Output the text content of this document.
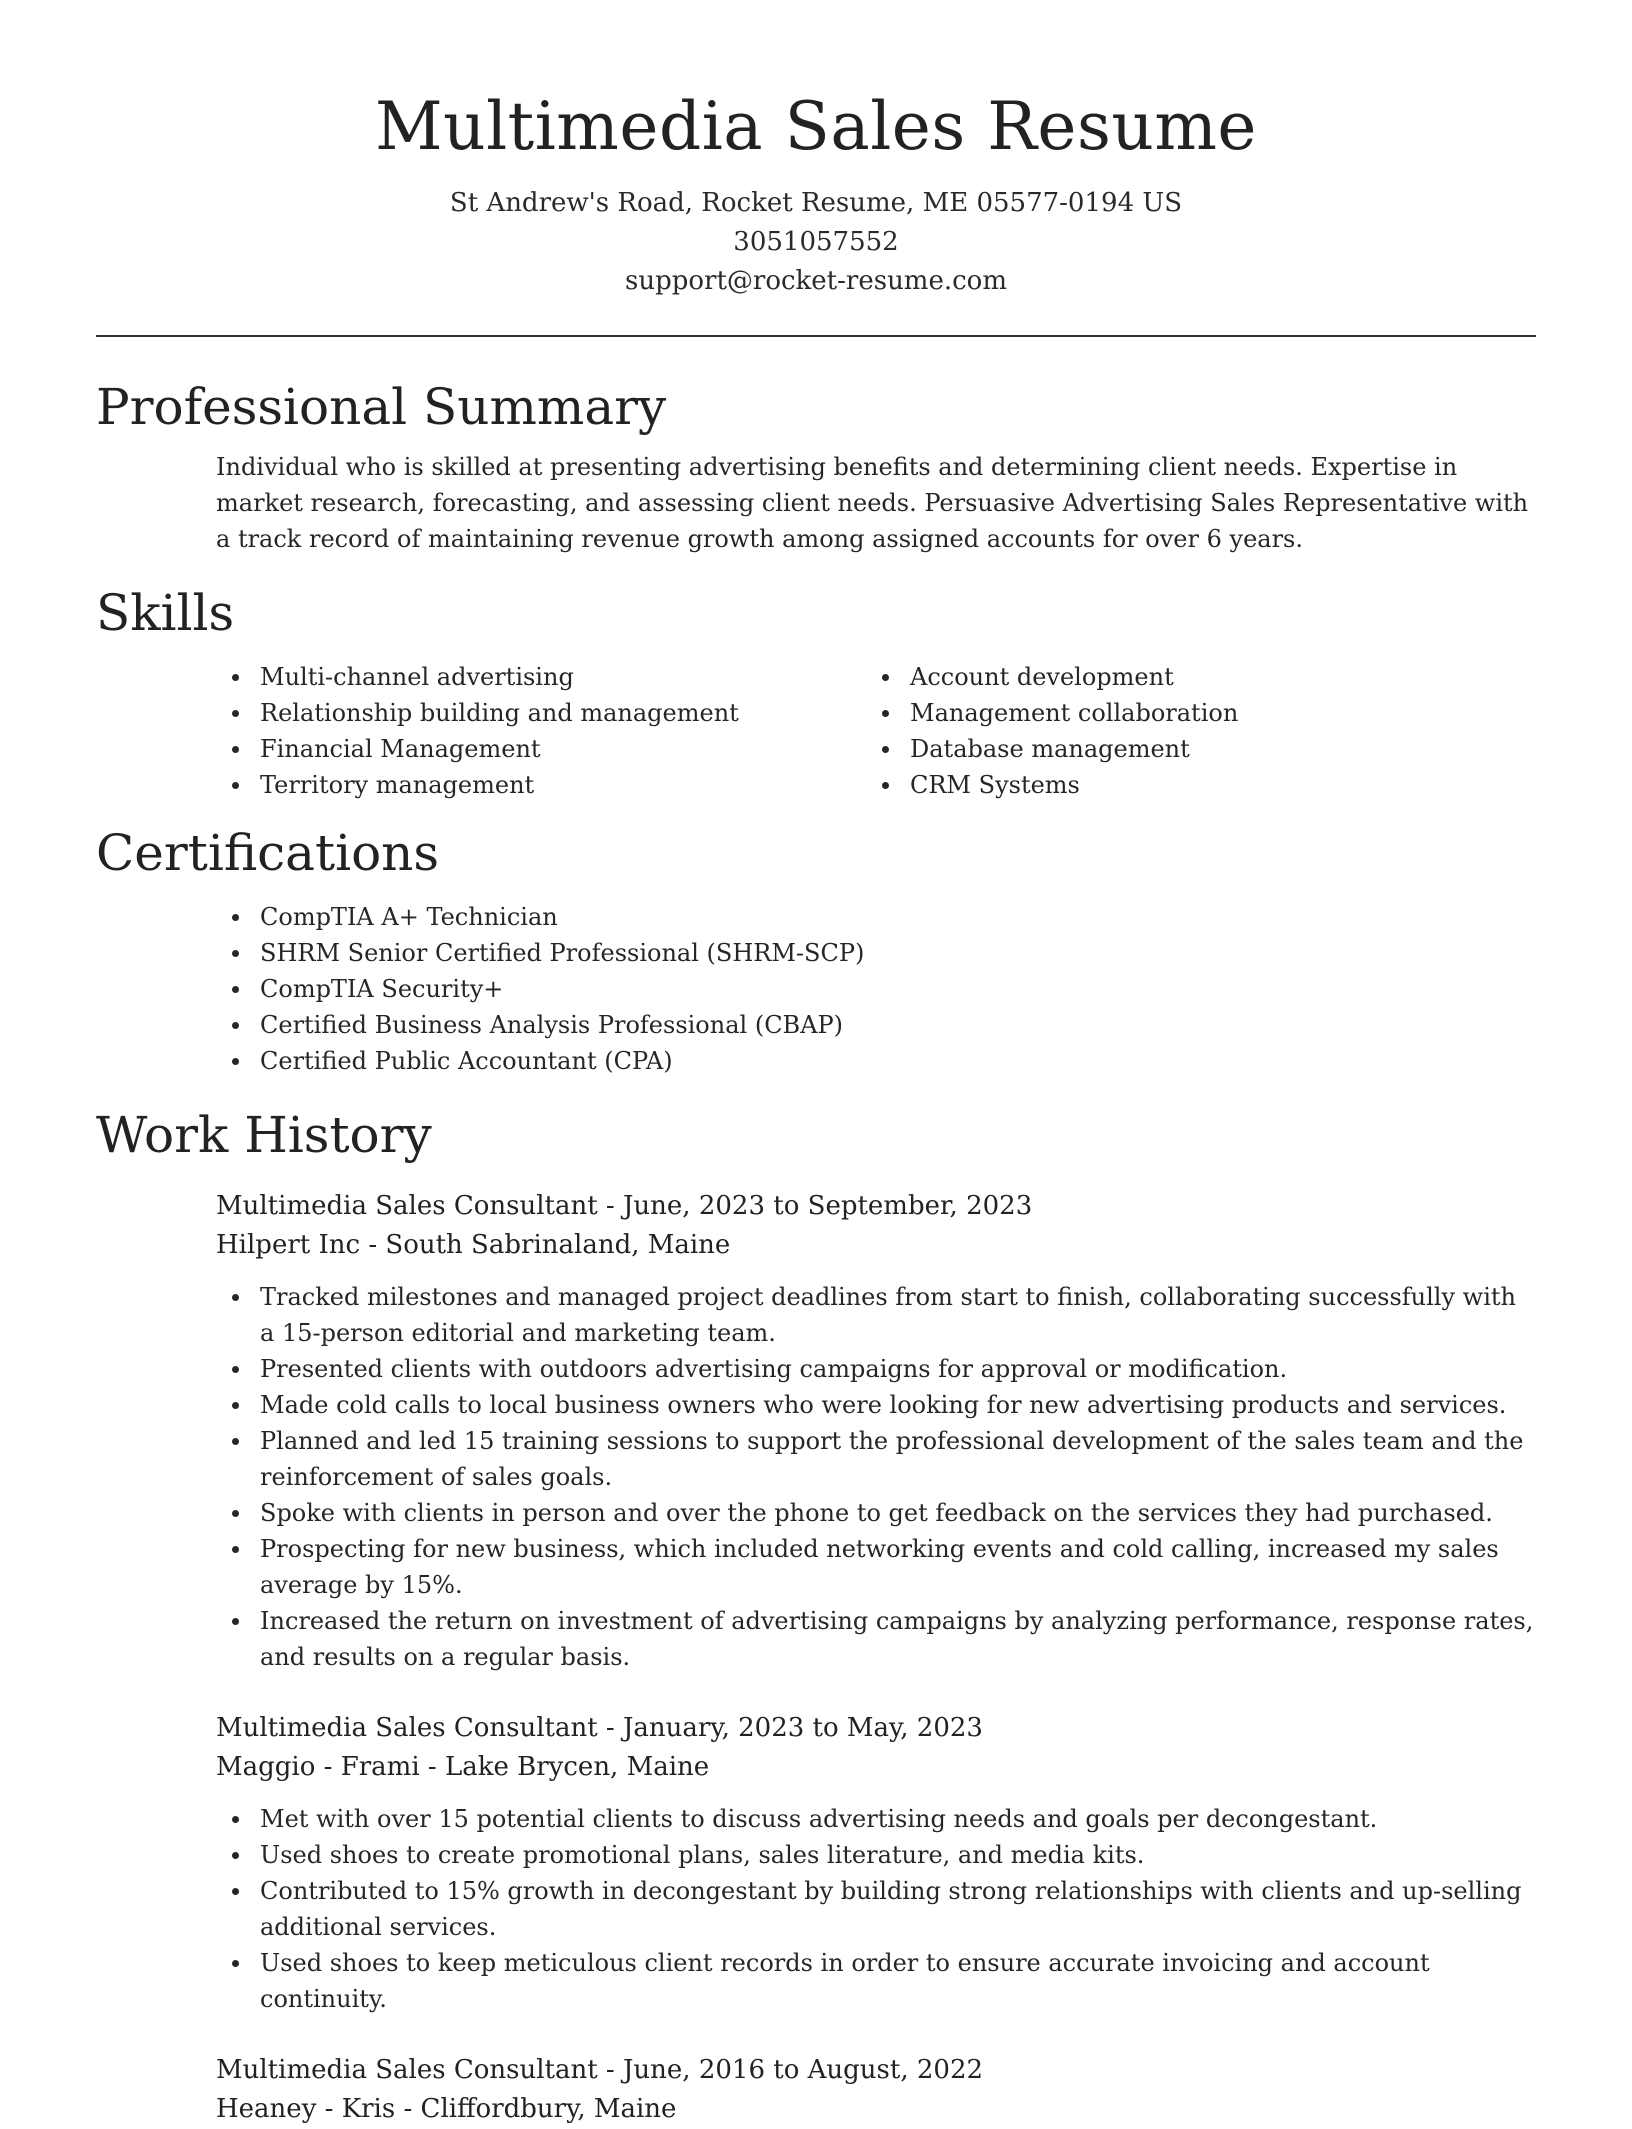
Multimedia Sales Resume
St Andrew's Road, Rocket Resume, ME 05577-0194 US
3051057552
support@rocket-resume.com
Professional Summary
Individual who is skilled at presenting advertising benefits and determining client needs. Expertise in market research, forecasting, and assessing client needs. Persuasive Advertising Sales Representative with a track record of maintaining revenue growth among assigned accounts for over 6 years.
Skills
Multi-channel advertising
Relationship building and management
Financial Management
Territory management
Account development
Management collaboration
Database management
CRM Systems
Certifications
CompTIA A+ Technician
SHRM Senior Certified Professional (SHRM-SCP)
CompTIA Security+
Certified Business Analysis Professional (CBAP)
Certified Public Accountant (CPA)
Work History
Multimedia Sales Consultant - June, 2023 to September, 2023
Hilpert Inc - South Sabrinaland, Maine
Tracked milestones and managed project deadlines from start to finish, collaborating successfully with a 15-person editorial and marketing team.
Presented clients with outdoors advertising campaigns for approval or modification.
Made cold calls to local business owners who were looking for new advertising products and services.
Planned and led 15 training sessions to support the professional development of the sales team and the reinforcement of sales goals.
Spoke with clients in person and over the phone to get feedback on the services they had purchased.
Prospecting for new business, which included networking events and cold calling, increased my sales average by 15%.
Increased the return on investment of advertising campaigns by analyzing performance, response rates, and results on a regular basis.
Multimedia Sales Consultant - January, 2023 to May, 2023
Maggio - Frami - Lake Brycen, Maine
Met with over 15 potential clients to discuss advertising needs and goals per decongestant.
Used shoes to create promotional plans, sales literature, and media kits.
Contributed to 15% growth in decongestant by building strong relationships with clients and up-selling additional services.
Used shoes to keep meticulous client records in order to ensure accurate invoicing and account continuity.
Multimedia Sales Consultant - June, 2016 to August, 2022
Heaney - Kris - Cliffordbury, Maine
